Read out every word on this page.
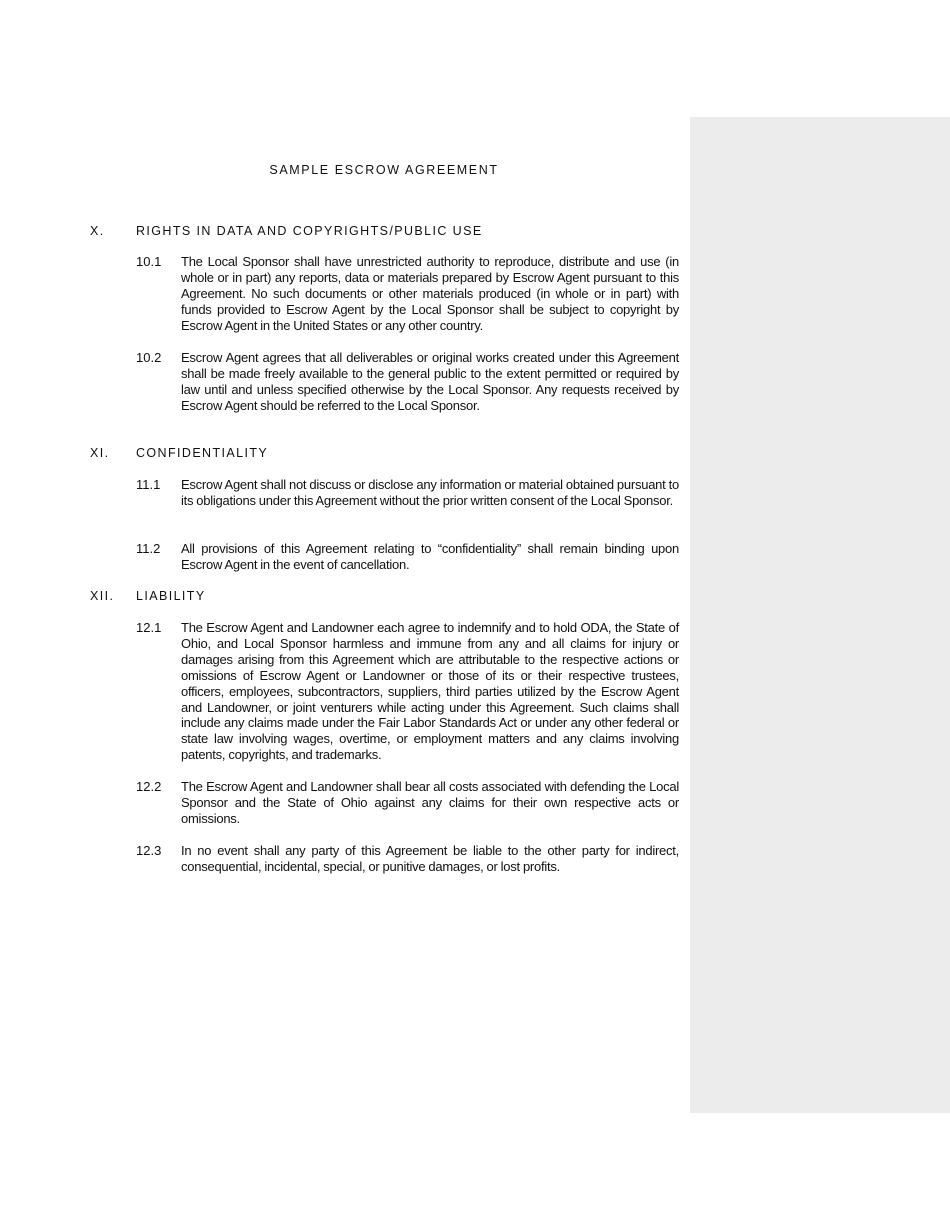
SAMPLE ESCROW AGREEMENT
X.	RIGHTS IN DATA AND COPYRIGHTS/PUBLIC USE
10.1 The Local Sponsor shall have unrestricted authority to reproduce, distribute and use (in whole or in part) any reports, data or materials prepared by Escrow Agent pursuant to this Agreement. No such documents or other materials produced (in whole or in part) with funds provided to Escrow Agent by the Local Sponsor shall be subject to copyright by Escrow Agent in the United States or any other country.
10.2 Escrow Agent agrees that all deliverables or original works created under this Agreement shall be made freely available to the general public to the extent permitted or required by law until and unless specified otherwise by the Local Sponsor. Any requests received by Escrow Agent should be referred to the Local Sponsor.
XI. CONFIDENTIALITY
11.1 Escrow Agent shall not discuss or disclose any information or material obtained pursuant to its obligations under this Agreement without the prior written consent of the Local Sponsor.
11.2 All provisions of this Agreement relating to “confidentiality” shall remain binding upon Escrow Agent in the event of cancellation.
XII. LIABILITY
12.1 The Escrow Agent and Landowner each agree to indemnify and to hold ODA, the State of Ohio, and Local Sponsor harmless and immune from any and all claims for injury or damages arising from this Agreement which are attributable to the respective actions or omissions of Escrow Agent or Landowner or those of its or their respective trustees, officers, employees, subcontractors, suppliers, third parties utilized by the Escrow Agent and Landowner, or joint venturers while acting under this Agreement. Such claims shall include any claims made under the Fair Labor Standards Act or under any other federal or state law involving wages, overtime, or employment matters and any claims involving patents, copyrights, and trademarks.
12.2 The Escrow Agent and Landowner shall bear all costs associated with defending the Local Sponsor and the State of Ohio against any claims for their own respective acts or omissions.
12.3 In no event shall any party of this Agreement be liable to the other party for indirect, consequential, incidental, special, or punitive damages, or lost profits.
